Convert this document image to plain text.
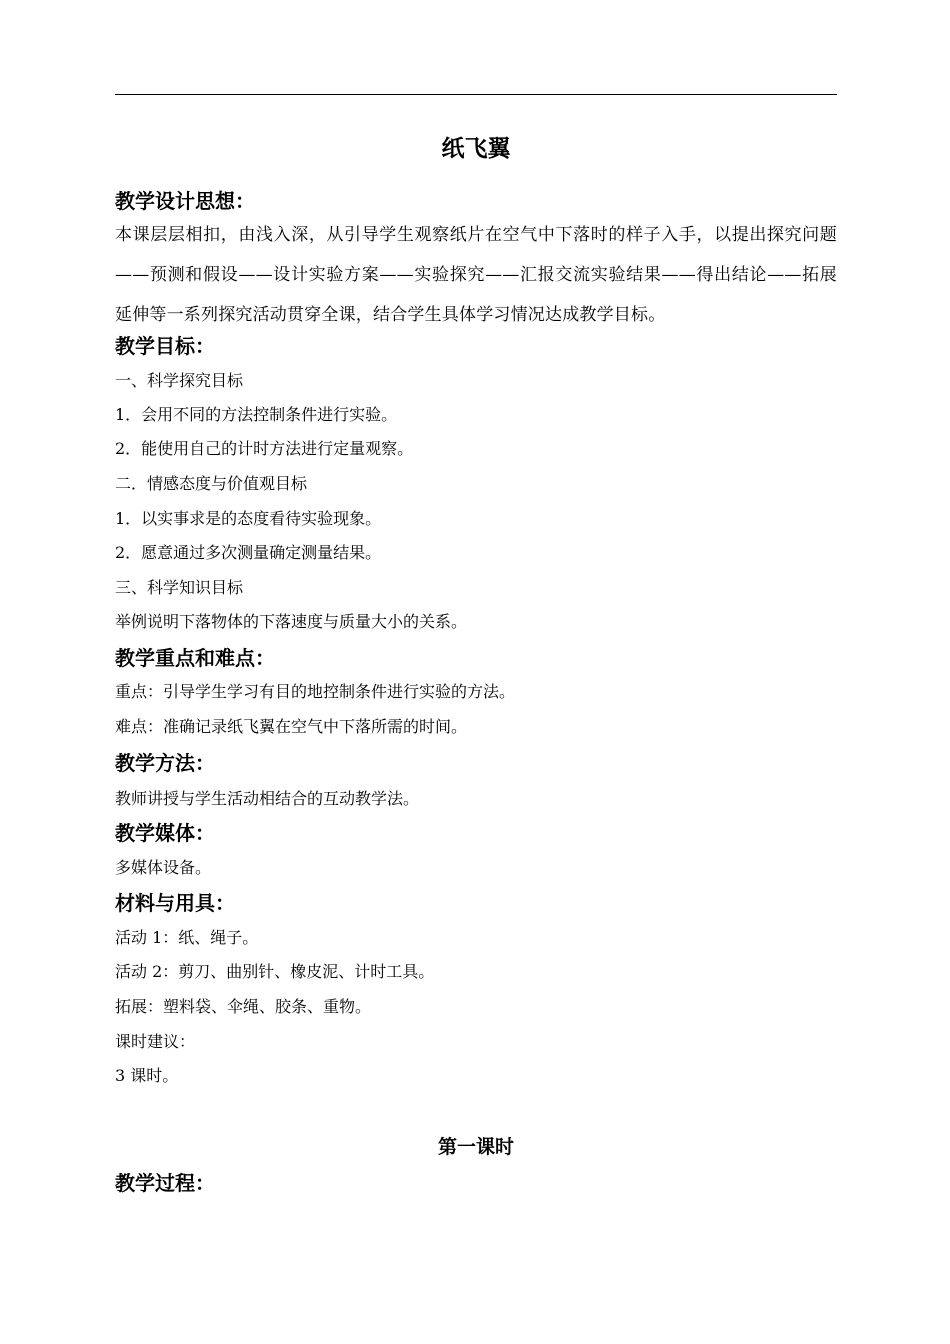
纸飞翼
教学设计思想：
本课层层相扣，由浅入深，从引导学生观察纸片在空气中下落时的样子入手，以提出探究问题——预测和假设——设计实验方案——实验探究——汇报交流实验结果——得出结论——拓展延伸等一系列探究活动贯穿全课，结合学生具体学习情况达成教学目标。
教学目标：
一、科学探究目标
1．会用不同的方法控制条件进行实验。
2．能使用自己的计时方法进行定量观察。
二．情感态度与价值观目标
1．以实事求是的态度看待实验现象。
2．愿意通过多次测量确定测量结果。
三、科学知识目标
举例说明下落物体的下落速度与质量大小的关系。
教学重点和难点：
重点：引导学生学习有目的地控制条件进行实验的方法。
难点：准确记录纸飞翼在空气中下落所需的时间。
教学方法：
教师讲授与学生活动相结合的互动教学法。
教学媒体：
多媒体设备。
材料与用具：
活动 1：纸、绳子。
活动 2：剪刀、曲别针、橡皮泥、计时工具。
拓展：塑料袋、伞绳、胶条、重物。
课时建议：
3 课时。
第一课时
教学过程：
